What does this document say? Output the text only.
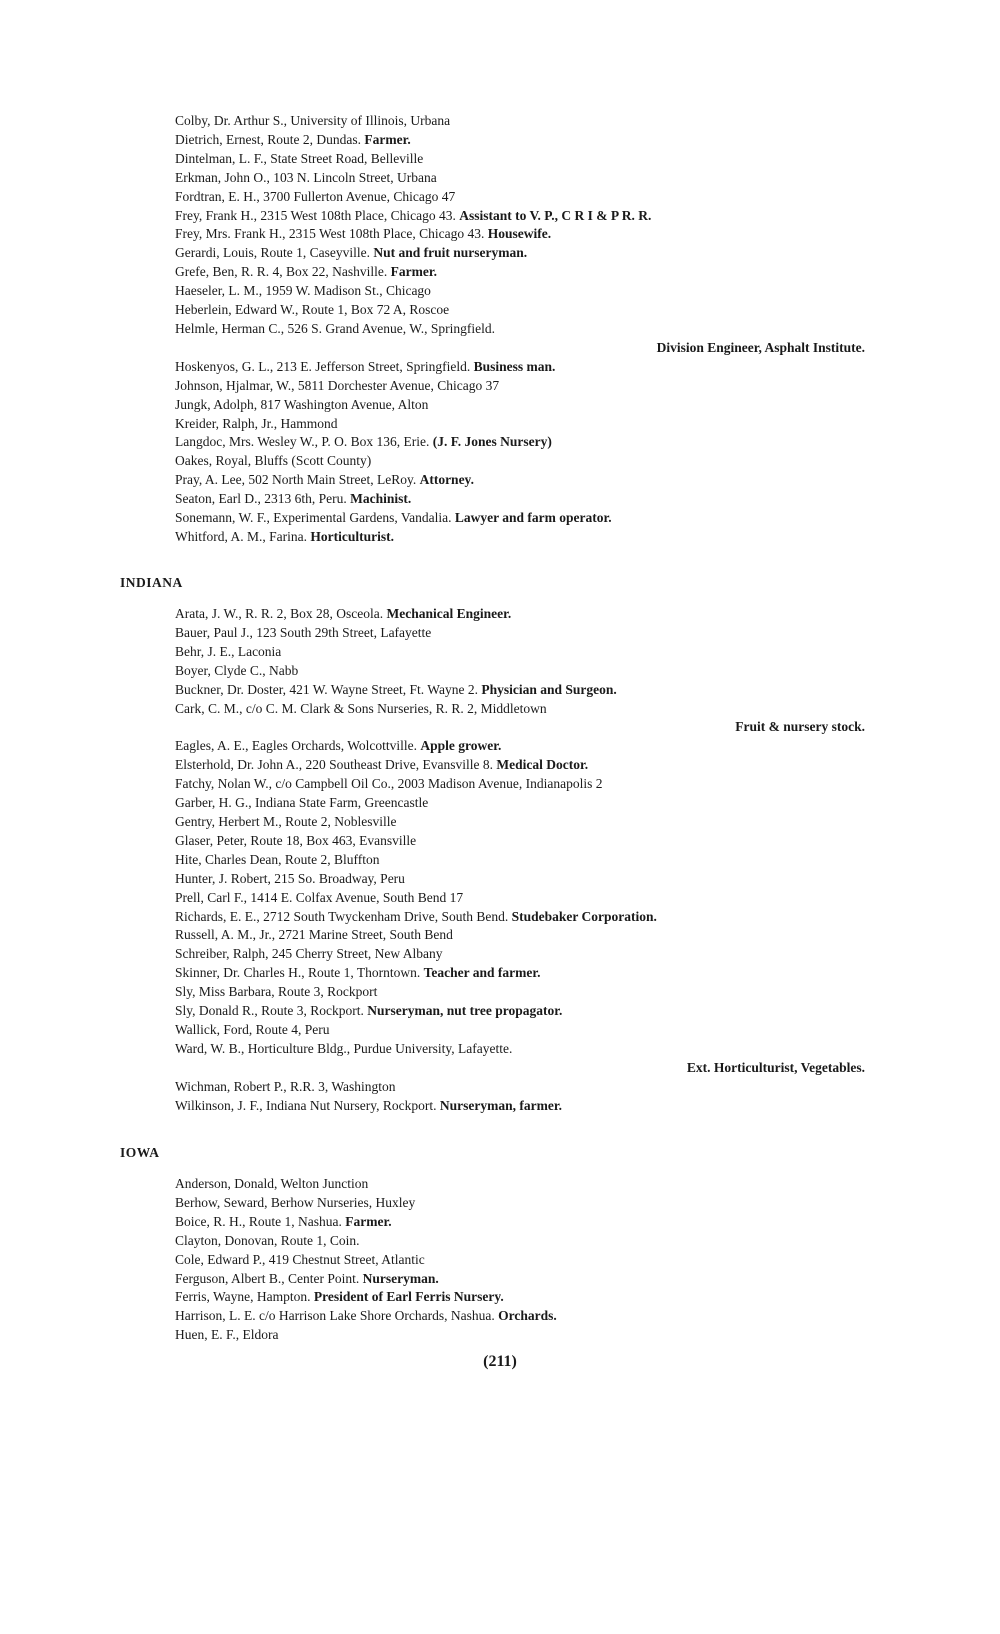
Colby, Dr. Arthur S., University of Illinois, Urbana
Dietrich, Ernest, Route 2, Dundas. Farmer.
Dintelman, L. F., State Street Road, Belleville
Erkman, John O., 103 N. Lincoln Street, Urbana
Fordtran, E. H., 3700 Fullerton Avenue, Chicago 47
Frey, Frank H., 2315 West 108th Place, Chicago 43. Assistant to V. P., C R I & P R. R.
Frey, Mrs. Frank H., 2315 West 108th Place, Chicago 43. Housewife.
Gerardi, Louis, Route 1, Caseyville. Nut and fruit nurseryman.
Grefe, Ben, R. R. 4, Box 22, Nashville. Farmer.
Haeseler, L. M., 1959 W. Madison St., Chicago
Heberlein, Edward W., Route 1, Box 72 A, Roscoe
Helmle, Herman C., 526 S. Grand Avenue, W., Springfield.
Division Engineer, Asphalt Institute.
Hoskenyos, G. L., 213 E. Jefferson Street, Springfield. Business man.
Johnson, Hjalmar, W., 5811 Dorchester Avenue, Chicago 37
Jungk, Adolph, 817 Washington Avenue, Alton
Kreider, Ralph, Jr., Hammond
Langdoc, Mrs. Wesley W., P. O. Box 136, Erie. (J. F. Jones Nursery)
Oakes, Royal, Bluffs (Scott County)
Pray, A. Lee, 502 North Main Street, LeRoy. Attorney.
Seaton, Earl D., 2313 6th, Peru. Machinist.
Sonemann, W. F., Experimental Gardens, Vandalia. Lawyer and farm operator.
Whitford, A. M., Farina. Horticulturist.
INDIANA
Arata, J. W., R. R. 2, Box 28, Osceola. Mechanical Engineer.
Bauer, Paul J., 123 South 29th Street, Lafayette
Behr, J. E., Laconia
Boyer, Clyde C., Nabb
Buckner, Dr. Doster, 421 W. Wayne Street, Ft. Wayne 2. Physician and Surgeon.
Cark, C. M., c/o C. M. Clark & Sons Nurseries, R. R. 2, Middletown
Fruit & nursery stock.
Eagles, A. E., Eagles Orchards, Wolcottville. Apple grower.
Elsterhold, Dr. John A., 220 Southeast Drive, Evansville 8. Medical Doctor.
Fatchy, Nolan W., c/o Campbell Oil Co., 2003 Madison Avenue, Indianapolis 2
Garber, H. G., Indiana State Farm, Greencastle
Gentry, Herbert M., Route 2, Noblesville
Glaser, Peter, Route 18, Box 463, Evansville
Hite, Charles Dean, Route 2, Bluffton
Hunter, J. Robert, 215 So. Broadway, Peru
Prell, Carl F., 1414 E. Colfax Avenue, South Bend 17
Richards, E. E., 2712 South Twyckenham Drive, South Bend. Studebaker Corporation.
Russell, A. M., Jr., 2721 Marine Street, South Bend
Schreiber, Ralph, 245 Cherry Street, New Albany
Skinner, Dr. Charles H., Route 1, Thorntown. Teacher and farmer.
Sly, Miss Barbara, Route 3, Rockport
Sly, Donald R., Route 3, Rockport. Nurseryman, nut tree propagator.
Wallick, Ford, Route 4, Peru
Ward, W. B., Horticulture Bldg., Purdue University, Lafayette.
Ext. Horticulturist, Vegetables.
Wichman, Robert P., R.R. 3, Washington
Wilkinson, J. F., Indiana Nut Nursery, Rockport. Nurseryman, farmer.
IOWA
Anderson, Donald, Welton Junction
Berhow, Seward, Berhow Nurseries, Huxley
Boice, R. H., Route 1, Nashua. Farmer.
Clayton, Donovan, Route 1, Coin.
Cole, Edward P., 419 Chestnut Street, Atlantic
Ferguson, Albert B., Center Point. Nurseryman.
Ferris, Wayne, Hampton. President of Earl Ferris Nursery.
Harrison, L. E. c/o Harrison Lake Shore Orchards, Nashua. Orchards.
Huen, E. F., Eldora
(211)
